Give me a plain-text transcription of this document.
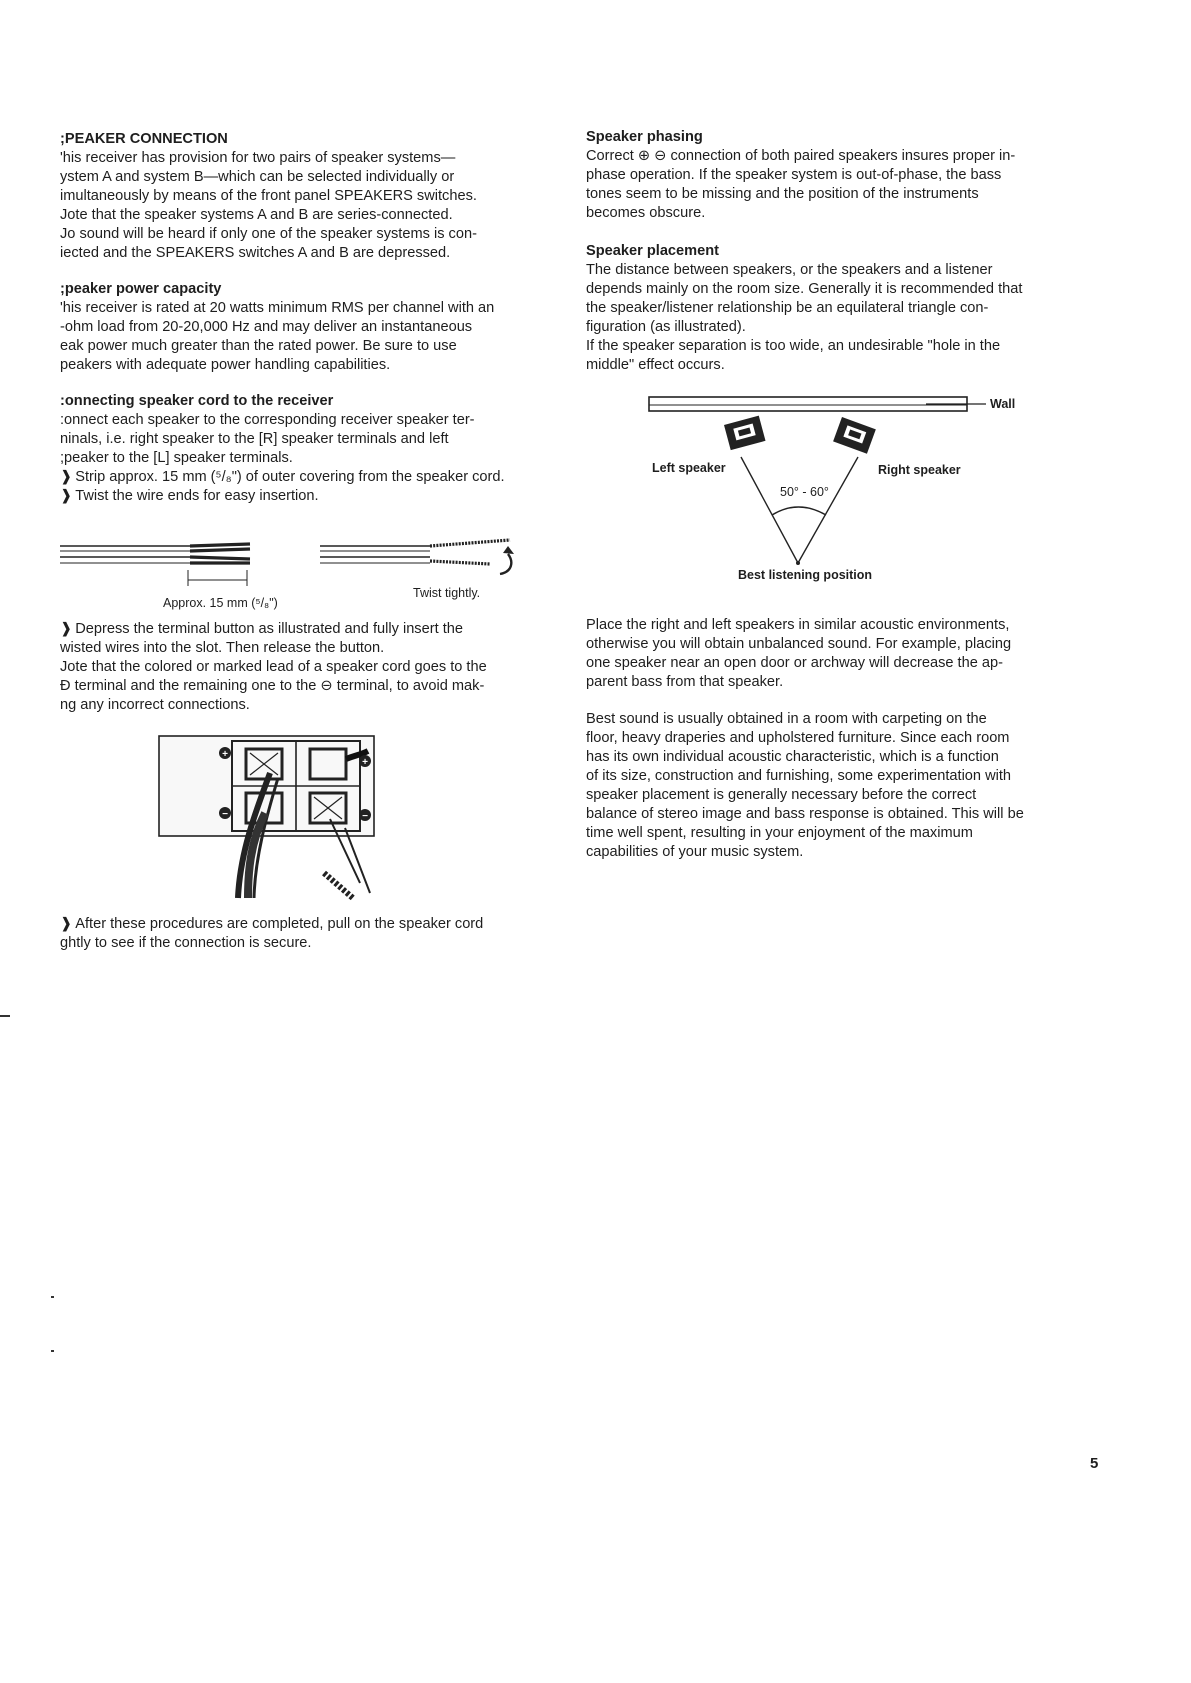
;PEAKER CONNECTION

'his receiver has provision for two pairs of speaker systems—
ystem A and system B—which can be selected individually or
imultaneously by means of the front panel SPEAKERS switches.
Jote that the speaker systems A and B are series-connected.
Jo sound will be heard if only one of the speaker systems is con-
iected and the SPEAKERS switches A and B are depressed.

;peaker power capacity

'his receiver is rated at 20 watts minimum RMS per channel with an
-ohm load from 20-20,000 Hz and may deliver an instantaneous
eak power much greater than the rated power. Be sure to use
peakers with adequate power handling capabilities.

:onnecting speaker cord to the receiver

:onnect each speaker to the corresponding receiver speaker ter-
ninals, i.e. right speaker to the [R] speaker terminals and left
;peaker to the [L] speaker terminals.
❱ Strip approx. 15 mm (⁵/₈") of outer covering from the speaker cord.
❱ Twist the wire ends for easy insertion.

Approx. 15 mm (⁵/₈")
Twist tightly.

❱ Depress the terminal button as illustrated and fully insert the
wisted wires into the slot. Then release the button.
Jote that the colored or marked lead of a speaker cord goes to the
Ð terminal and the remaining one to the ⊖ terminal, to avoid mak-
ng any incorrect connections.

+
+
−	−

❱ After these procedures are completed, pull on the speaker cord
ghtly to see if the connection is secure.

Speaker phasing

Correct ⊕ ⊖ connection of both paired speakers insures proper in-
phase operation. If the speaker system is out-of-phase, the bass
tones seem to be missing and the position of the instruments
becomes obscure.

Speaker placement

The distance between speakers, or the speakers and a listener
depends mainly on the room size. Generally it is recommended that
the speaker/listener relationship be an equilateral triangle con-
figuration (as illustrated).
If the speaker separation is too wide, an undesirable "hole in the
middle" effect occurs.

Wall
Left speaker	Right speaker
50° - 60°
Best listening position

Place the right and left speakers in similar acoustic environments,
otherwise you will obtain unbalanced sound. For example, placing
one speaker near an open door or archway will decrease the ap-
parent bass from that speaker.

Best sound is usually obtained in a room with carpeting on the
floor, heavy draperies and upholstered furniture. Since each room
has its own individual acoustic characteristic, which is a function
of its size, construction and furnishing, some experimentation with
speaker placement is generally necessary before the correct
balance of stereo image and bass response is obtained. This will be
time well spent, resulting in your enjoyment of the maximum
capabilities of your music system.

5
